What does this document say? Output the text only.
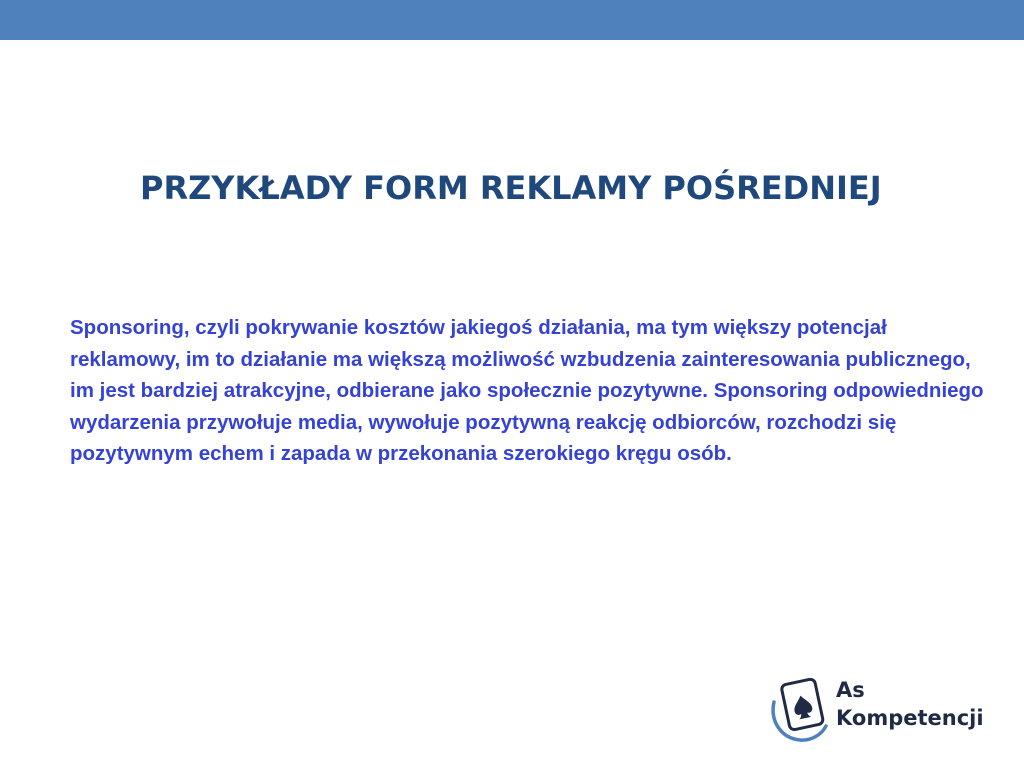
PRZYKŁADY FORM REKLAMY POŚREDNIEJ

Sponsoring, czyli pokrywanie kosztów jakiegoś działania, ma tym większy potencjał reklamowy, im to działanie ma większą możliwość wzbudzenia zainteresowania publicznego, im jest bardziej atrakcyjne, odbierane jako społecznie pozytywne. Sponsoring odpowiedniego wydarzenia przywołuje media, wywołuje pozytywną reakcję odbiorców, rozchodzi się pozytywnym echem i zapada w przekonania szerokiego kręgu osób.

As
Kompetencji
